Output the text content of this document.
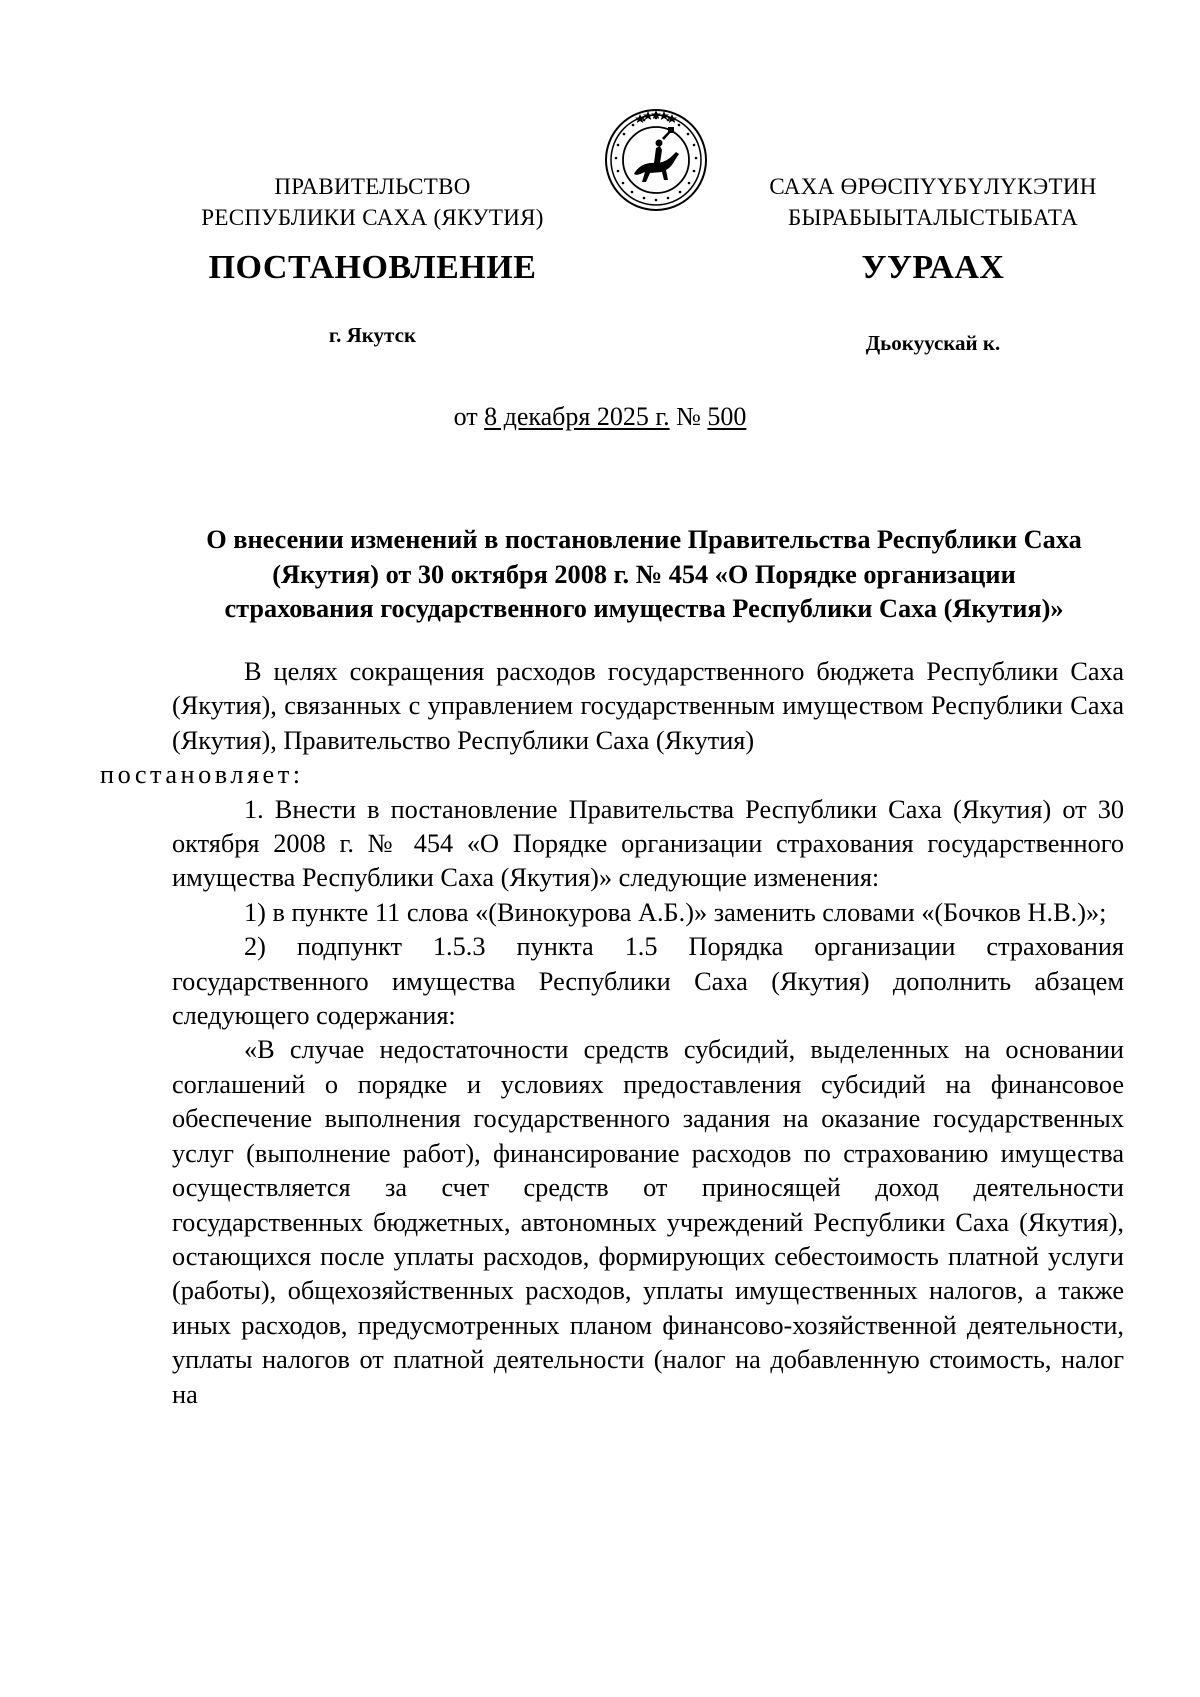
ПРАВИТЕЛЬСТВО
РЕСПУБЛИКИ САХА (ЯКУТИЯ)
САХА ӨРӨСПҮҮБҮЛҮКЭТИН
БЫРАБЫЫТАЛЫСТЫБАТА
ПОСТАНОВЛЕНИЕ	УУРААХ
г. Якутск	Дьокуускай к.
от 8 декабря 2025 г. № 500
О внесении изменений в постановление Правительства Республики Саха
(Якутия) от 30 октября 2008 г. № 454 «О Порядке организации
страхования государственного имущества Республики Саха (Якутия)»

В целях сокращения расходов государственного бюджета Республики Саха (Якутия), связанных с управлением государственным имуществом Республики Саха (Якутия), Правительство Республики Саха (Якутия)
постановляет:

1. Внести в постановление Правительства Республики Саха (Якутия) от 30 октября 2008 г. № 454 «О Порядке организации страхования государственного имущества Республики Саха (Якутия)» следующие изменения:

1) в пункте 11 слова «(Винокурова А.Б.)» заменить словами «(Бочков Н.В.)»;

2) подпункт 1.5.3 пункта 1.5 Порядка организации страхования государственного имущества Республики Саха (Якутия) дополнить абзацем следующего содержания:

«В случае недостаточности средств субсидий, выделенных на основании соглашений о порядке и условиях предоставления субсидий на финансовое обеспечение выполнения государственного задания на оказание государственных услуг (выполнение работ), финансирование расходов по страхованию имущества осуществляется за счет средств от приносящей доход деятельности государственных бюджетных, автономных учреждений Республики Саха (Якутия), остающихся после уплаты расходов, формирующих себестоимость платной услуги (работы), общехозяйственных расходов, уплаты имущественных налогов, а также иных расходов, предусмотренных планом финансово-хозяйственной деятельности, уплаты налогов от платной деятельности (налог на добавленную стоимость, налог на
